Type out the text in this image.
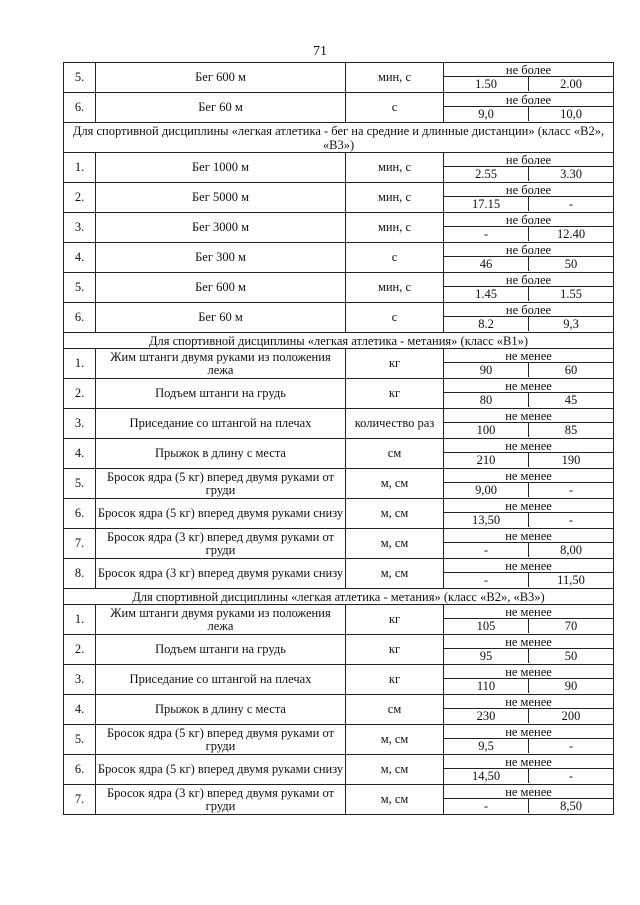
71
5.	Бег 600 м	мин, с	не более
1.50 2.00

6.	Бег 60 м	с	не более
9,0 10,0

Для спортивной дисциплины «легкая атлетика - бег на средние и длинные дистанции» (класс «B2», «B3»)			
1.	Бег 1000 м	мин, с	не более
2.55 3.30

2.	Бег 5000 м	мин, с	не более
17.15 -

3.	Бег 3000 м	мин, с	не более
- 12.40

4.	Бег 300 м	с	не более
46 50

5.	Бег 600 м	мин, с	не более
1.45 1.55

6.	Бег 60 м	с	не более
8.2 9,3

Для спортивной дисциплины «легкая атлетика - метания» (класс «B1»)			
1.	Жим штанги двумя руками из положения лежа	кг	не менее
90 60

2.	Подъем штанги на грудь	кг	не менее
80 45

3.	Приседание со штангой на плечах	количество раз	не менее
100 85

4.	Прыжок в длину с места	см	не менее
210 190

5.	Бросок ядра (5 кг) вперед двумя руками от груди	м, см	не менее
9,00 -

6.	Бросок ядра (5 кг) вперед двумя руками снизу	м, см	не менее
13,50 -

7.	Бросок ядра (3 кг) вперед двумя руками от груди	м, см	не менее
- 8,00

8.	Бросок ядра (3 кг) вперед двумя руками снизу	м, см	не менее
- 11,50

Для спортивной дисциплины «легкая атлетика - метания» (класс «B2», «B3»)			
1.	Жим штанги двумя руками из положения лежа	кг	не менее
105 70

2.	Подъем штанги на грудь	кг	не менее
95 50

3.	Приседание со штангой на плечах	кг	не менее
110 90

4.	Прыжок в длину с места	см	не менее
230 200

5.	Бросок ядра (5 кг) вперед двумя руками от груди	м, см	не менее
9,5 -

6.	Бросок ядра (5 кг) вперед двумя руками снизу	м, см	не менее
14,50 -

7.	Бросок ядра (3 кг) вперед двумя руками от груди	м, см	не менее
- 8,50
